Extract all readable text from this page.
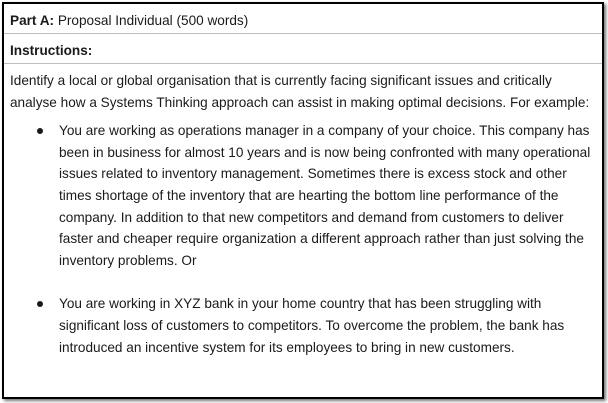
Part A: Proposal Individual (500 words)
Instructions:
Identify a local or global organisation that is currently facing significant issues and critically analyse how a Systems Thinking approach can assist in making optimal decisions. For example:
You are working as operations manager in a company of your choice. This company has been in business for almost 10 years and is now being confronted with many operational issues related to inventory management. Sometimes there is excess stock and other times shortage of the inventory that are hearting the bottom line performance of the company. In addition to that new competitors and demand from customers to deliver faster and cheaper require organization a different approach rather than just solving the inventory problems. Or
You are working in XYZ bank in your home country that has been struggling with significant loss of customers to competitors. To overcome the problem, the bank has introduced an incentive system for its employees to bring in new customers.
